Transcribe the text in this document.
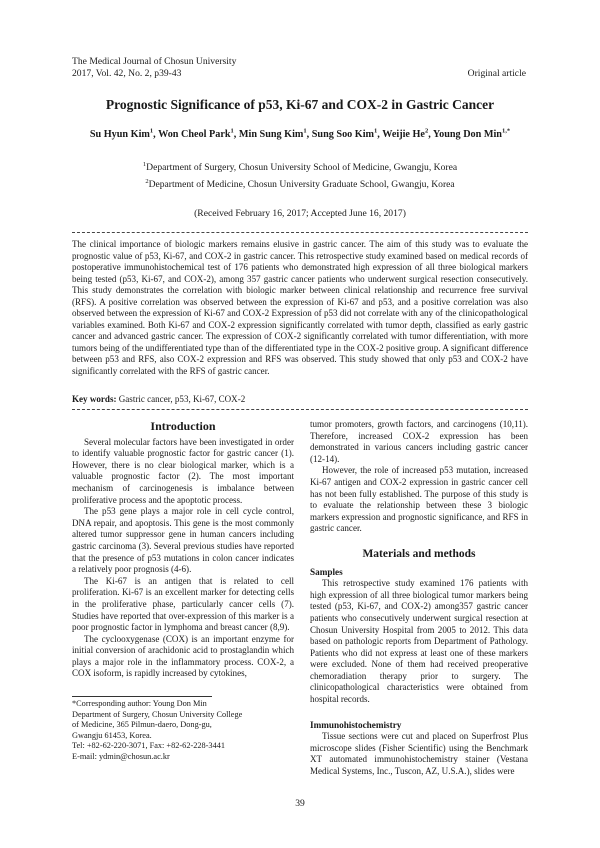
The Medical Journal of Chosun University
2017, Vol. 42, No. 2, p39-43	Original article
Prognostic Significance of p53, Ki-67 and COX-2 in Gastric Cancer
Su Hyun Kim$^1$, Won Cheol Park$^1$, Min Sung Kim$^1$, Sung Soo Kim$^1$, Weijie He$^2$, Young Don Min$^{1,*}$
$^1$Department of Surgery, Chosun University School of Medicine, Gwangju, Korea
$^2$Department of Medicine, Chosun University Graduate School, Gwangju, Korea
(Received February 16, 2017; Accepted June 16, 2017)

The clinical importance of biologic markers remains elusive in gastric cancer. The aim of this study was to evaluate the prognostic value of p53, Ki-67, and COX-2 in gastric cancer. This retrospective study examined based on medical records of postoperative immunohistochemical test of 176 patients who demonstrated high expression of all three biological markers being tested (p53, Ki-67, and COX-2), among 357 gastric cancer patients who underwent surgical resection consecutively. This study demonstrates the correlation with biologic marker between clinical relationship and recurrence free survival (RFS). A positive correlation was observed between the expression of Ki-67 and p53, and a positive correlation was also observed between the expression of Ki-67 and COX-2 Expression of p53 did not correlate with any of the clinicopathological variables examined. Both Ki-67 and COX-2 expression significantly correlated with tumor depth, classified as early gastric cancer and advanced gastric cancer. The expression of COX-2 significantly correlated with tumor differentiation, with more tumors being of the undifferentiated type than of the differentiated type in the COX-2 positive group. A significant difference between p53 and RFS, also COX-2 expression and RFS was observed. This study showed that only p53 and COX-2 have significantly correlated with the RFS of gastric cancer.

Key words: Gastric cancer, p53, Ki-67, COX-2
Introduction

Several molecular factors have been investigated in order to identify valuable prognostic factor for gastric cancer (1). However, there is no clear biological marker, which is a valuable prognostic factor (2). The most important mechanism of carcinogenesis is imbalance between proliferative process and the apoptotic process.

The p53 gene plays a major role in cell cycle control, DNA repair, and apoptosis. This gene is the most commonly altered tumor suppressor gene in human cancers including gastric carcinoma (3). Several previous studies have reported that the presence of p53 mutations in colon cancer indicates a relatively poor prognosis (4-6).

The Ki-67 is an antigen that is related to cell proliferation. Ki-67 is an excellent marker for detecting cells in the proliferative phase, particularly cancer cells (7). Studies have reported that over-expression of this marker is a poor prognostic factor in lymphoma and breast cancer (8,9).

The cyclooxygenase (COX) is an important enzyme for initial conversion of arachidonic acid to prostaglandin which plays a major role in the inflammatory process. COX-2, a COX isoform, is rapidly increased by cytokines,

*Corresponding author: Young Don Min
Department of Surgery, Chosun University College
of Medicine, 365 Pilmun-daero, Dong-gu,
Gwangju 61453, Korea.
Tel: +82-62-220-3071, Fax: +82-62-228-3441
E-mail: ydmin@chosun.ac.kr

tumor promoters, growth factors, and carcinogens (10,11). Therefore, increased COX-2 expression has been demonstrated in various cancers including gastric cancer (12-14).

However, the role of increased p53 mutation, increased Ki-67 antigen and COX-2 expression in gastric cancer cell has not been fully established. The purpose of this study is to evaluate the relationship between these 3 biologic markers expression and prognostic significance, and RFS in gastric cancer.

Materials and methods
Samples

This retrospective study examined 176 patients with high expression of all three biological tumor markers being tested (p53, Ki-67, and COX-2) among357 gastric cancer patients who consecutively underwent surgical resection at Chosun University Hospital from 2005 to 2012. This data based on pathologic reports from Department of Pathology. Patients who did not express at least one of these markers were excluded. None of them had received preoperative chemoradiation therapy prior to surgery. The clinicopathological characteristics were obtained from hospital records.

Immunohistochemistry

Tissue sections were cut and placed on Superfrost Plus microscope slides (Fisher Scientific) using the Benchmark XT automated immunohistochemistry stainer (Vestana Medical Systems, Inc., Tuscon, AZ, U.S.A.), slides were

39
